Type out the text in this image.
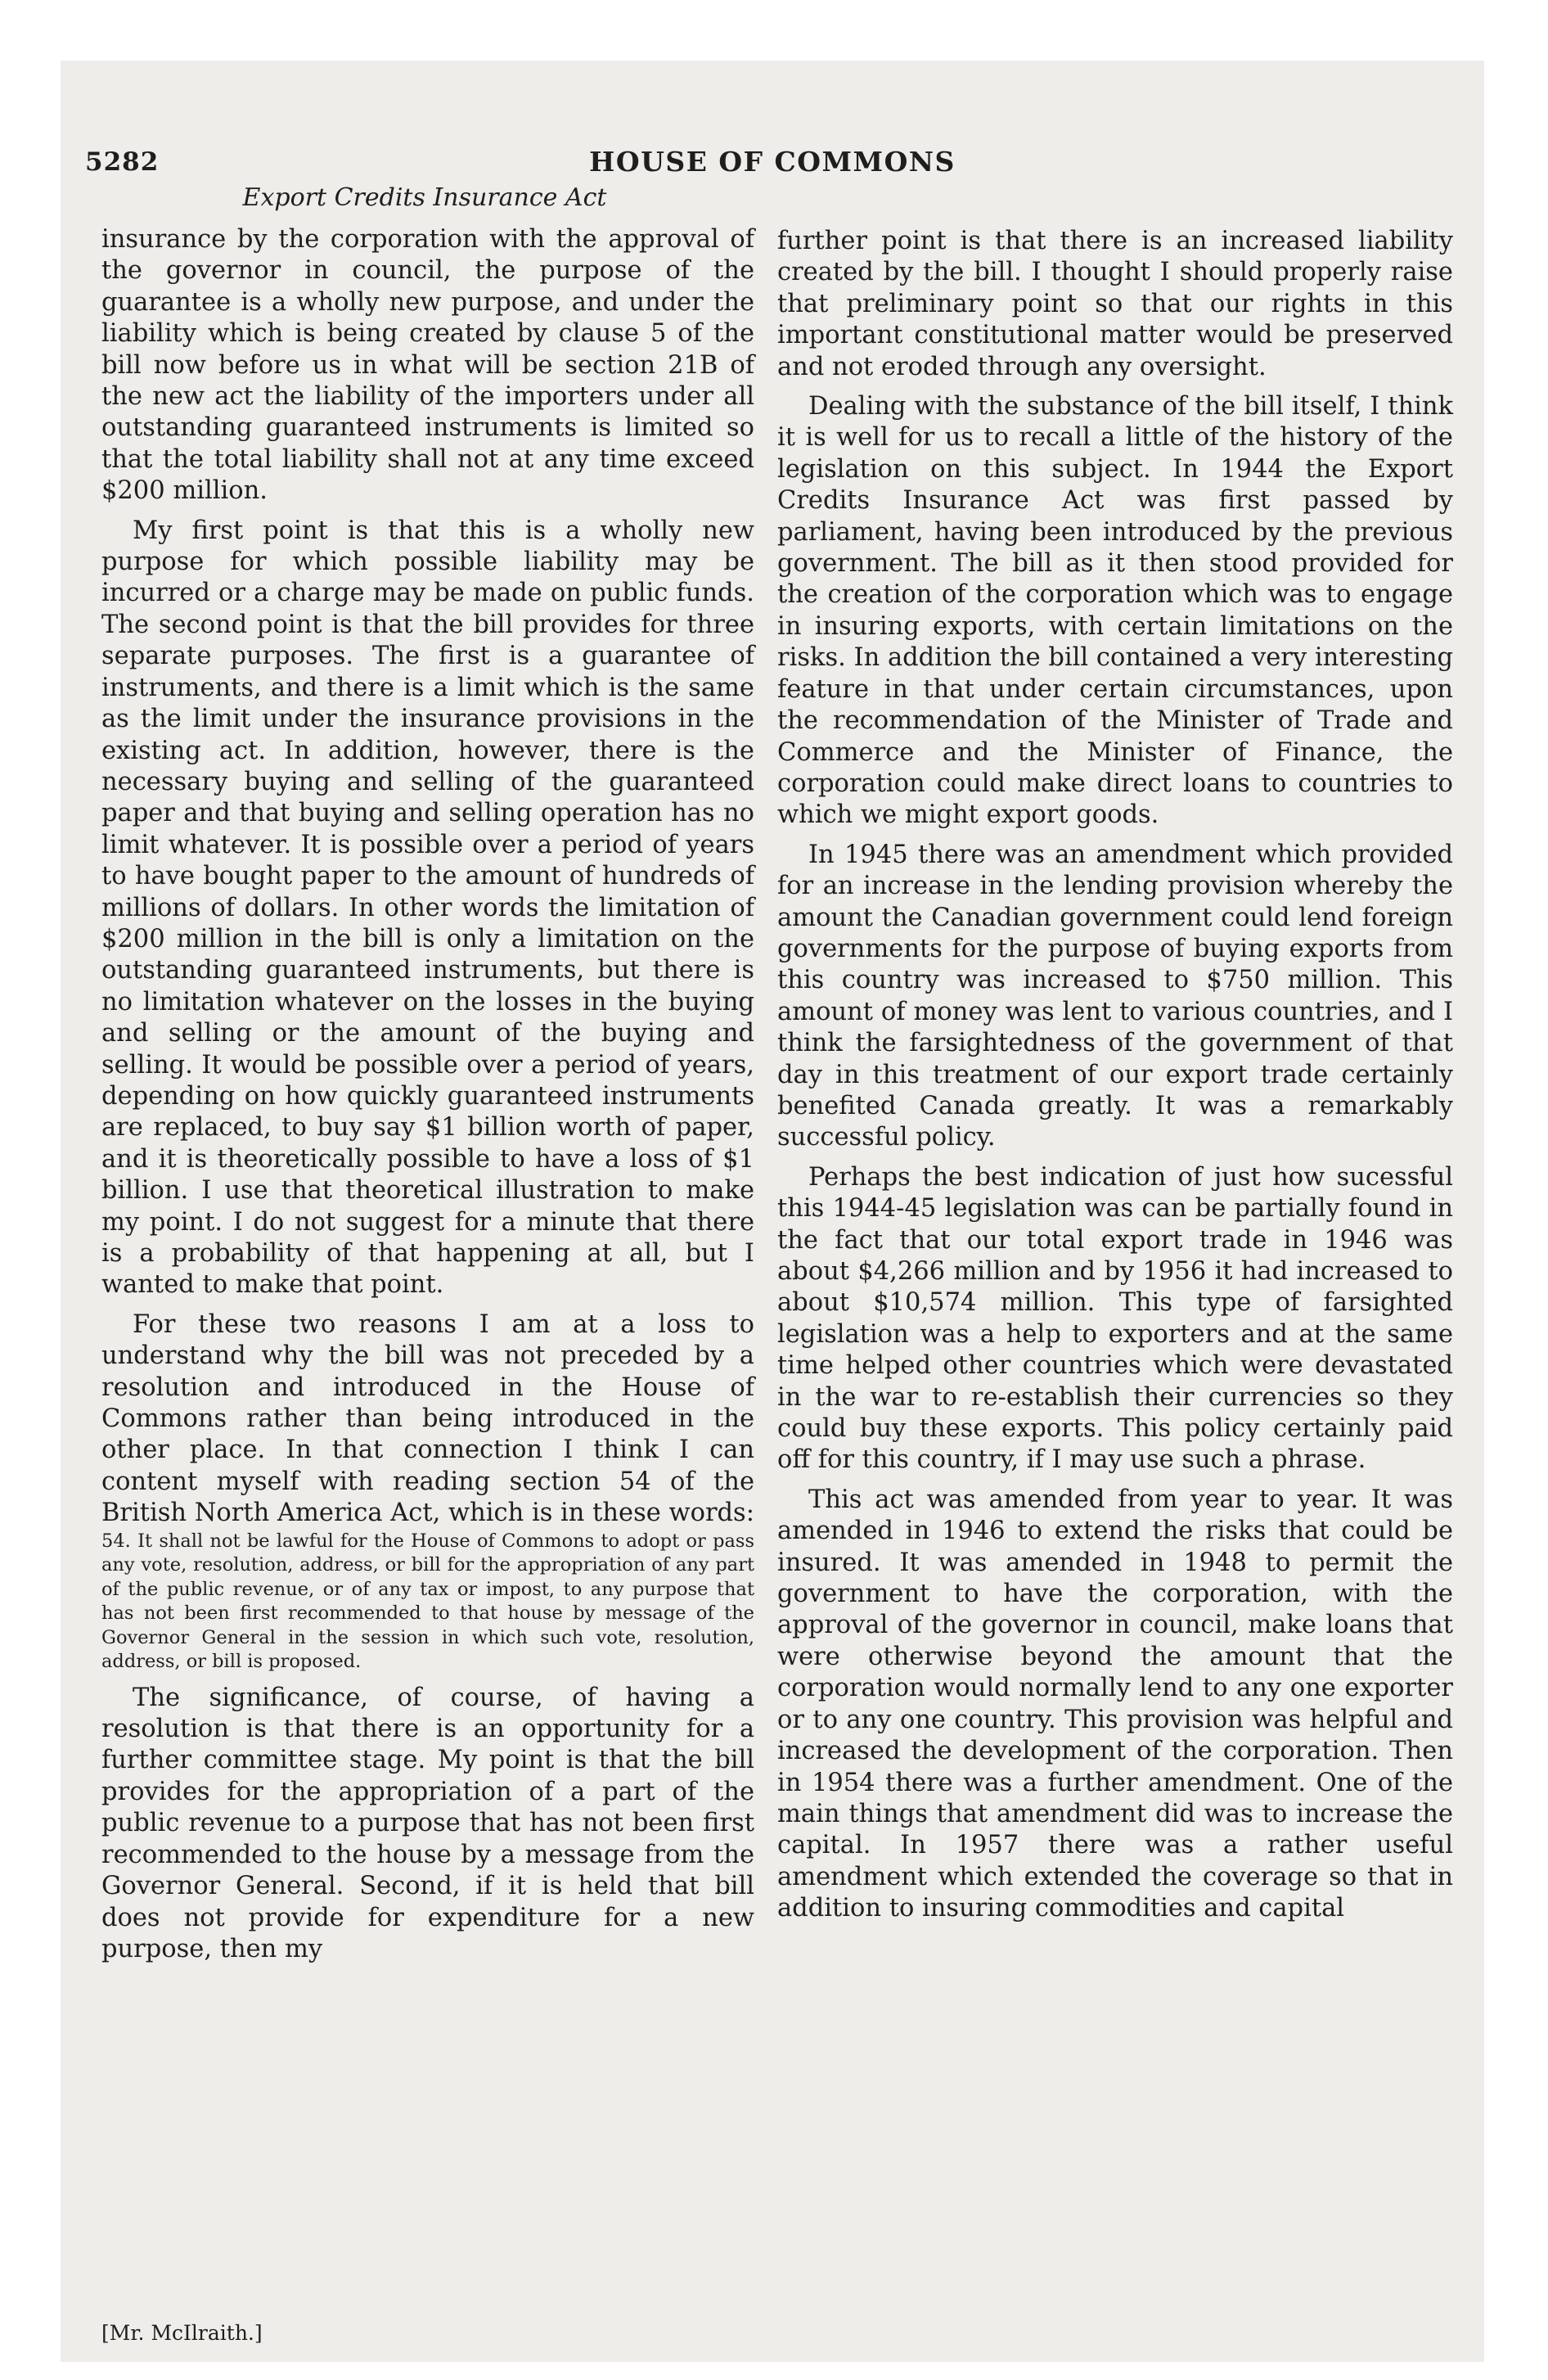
5282	HOUSE OF COMMONS
Export Credits Insurance Act

insurance by the corporation with the approval of the governor in council, the purpose of the guarantee is a wholly new purpose, and under the liability which is being created by clause 5 of the bill now before us in what will be section 21B of the new act the liability of the importers under all outstanding guaranteed instruments is limited so that the total liability shall not at any time exceed $200 million.

My first point is that this is a wholly new purpose for which possible liability may be incurred or a charge may be made on public funds. The second point is that the bill provides for three separate purposes. The first is a guarantee of instruments, and there is a limit which is the same as the limit under the insurance provisions in the existing act. In addition, however, there is the necessary buying and selling of the guaranteed paper and that buying and selling operation has no limit whatever. It is possible over a period of years to have bought paper to the amount of hundreds of millions of dollars. In other words the limitation of $200 million in the bill is only a limitation on the outstanding guaranteed instruments, but there is no limitation whatever on the losses in the buying and selling or the amount of the buying and selling. It would be possible over a period of years, depending on how quickly guaranteed instruments are replaced, to buy say $1 billion worth of paper, and it is theoretically possible to have a loss of $1 billion. I use that theoretical illustration to make my point. I do not suggest for a minute that there is a probability of that happening at all, but I wanted to make that point.

For these two reasons I am at a loss to understand why the bill was not preceded by a resolution and introduced in the House of Commons rather than being introduced in the other place. In that connection I think I can content myself with reading section 54 of the British North America Act, which is in these words:

54. It shall not be lawful for the House of Commons to adopt or pass any vote, resolution, address, or bill for the appropriation of any part of the public revenue, or of any tax or impost, to any purpose that has not been first recommended to that house by message of the Governor General in the session in which such vote, resolution, address, or bill is proposed.

The significance, of course, of having a resolution is that there is an opportunity for a further committee stage. My point is that the bill provides for the appropriation of a part of the public revenue to a purpose that has not been first recommended to the house by a message from the Governor General. Second, if it is held that bill does not provide for expenditure for a new purpose, then my

[Mr. McIlraith.]

further point is that there is an increased liability created by the bill. I thought I should properly raise that preliminary point so that our rights in this important constitutional matter would be preserved and not eroded through any oversight.

Dealing with the substance of the bill itself, I think it is well for us to recall a little of the history of the legislation on this subject. In 1944 the Export Credits Insurance Act was first passed by parliament, having been introduced by the previous government. The bill as it then stood provided for the creation of the corporation which was to engage in insuring exports, with certain limitations on the risks. In addition the bill contained a very interesting feature in that under certain circumstances, upon the recommendation of the Minister of Trade and Commerce and the Minister of Finance, the corporation could make direct loans to countries to which we might export goods.

In 1945 there was an amendment which provided for an increase in the lending provision whereby the amount the Canadian government could lend foreign governments for the purpose of buying exports from this country was increased to $750 million. This amount of money was lent to various countries, and I think the farsightedness of the government of that day in this treatment of our export trade certainly benefited Canada greatly. It was a remarkably successful policy.

Perhaps the best indication of just how sucessful this 1944-45 legislation was can be partially found in the fact that our total export trade in 1946 was about $4,266 million and by 1956 it had increased to about $10,574 million. This type of farsighted legislation was a help to exporters and at the same time helped other countries which were devastated in the war to re-establish their currencies so they could buy these exports. This policy certainly paid off for this country, if I may use such a phrase.

This act was amended from year to year. It was amended in 1946 to extend the risks that could be insured. It was amended in 1948 to permit the government to have the corporation, with the approval of the governor in council, make loans that were otherwise beyond the amount that the corporation would normally lend to any one exporter or to any one country. This provision was helpful and increased the development of the corporation. Then in 1954 there was a further amendment. One of the main things that amendment did was to increase the capital. In 1957 there was a rather useful amendment which extended the coverage so that in addition to insuring commodities and capital
